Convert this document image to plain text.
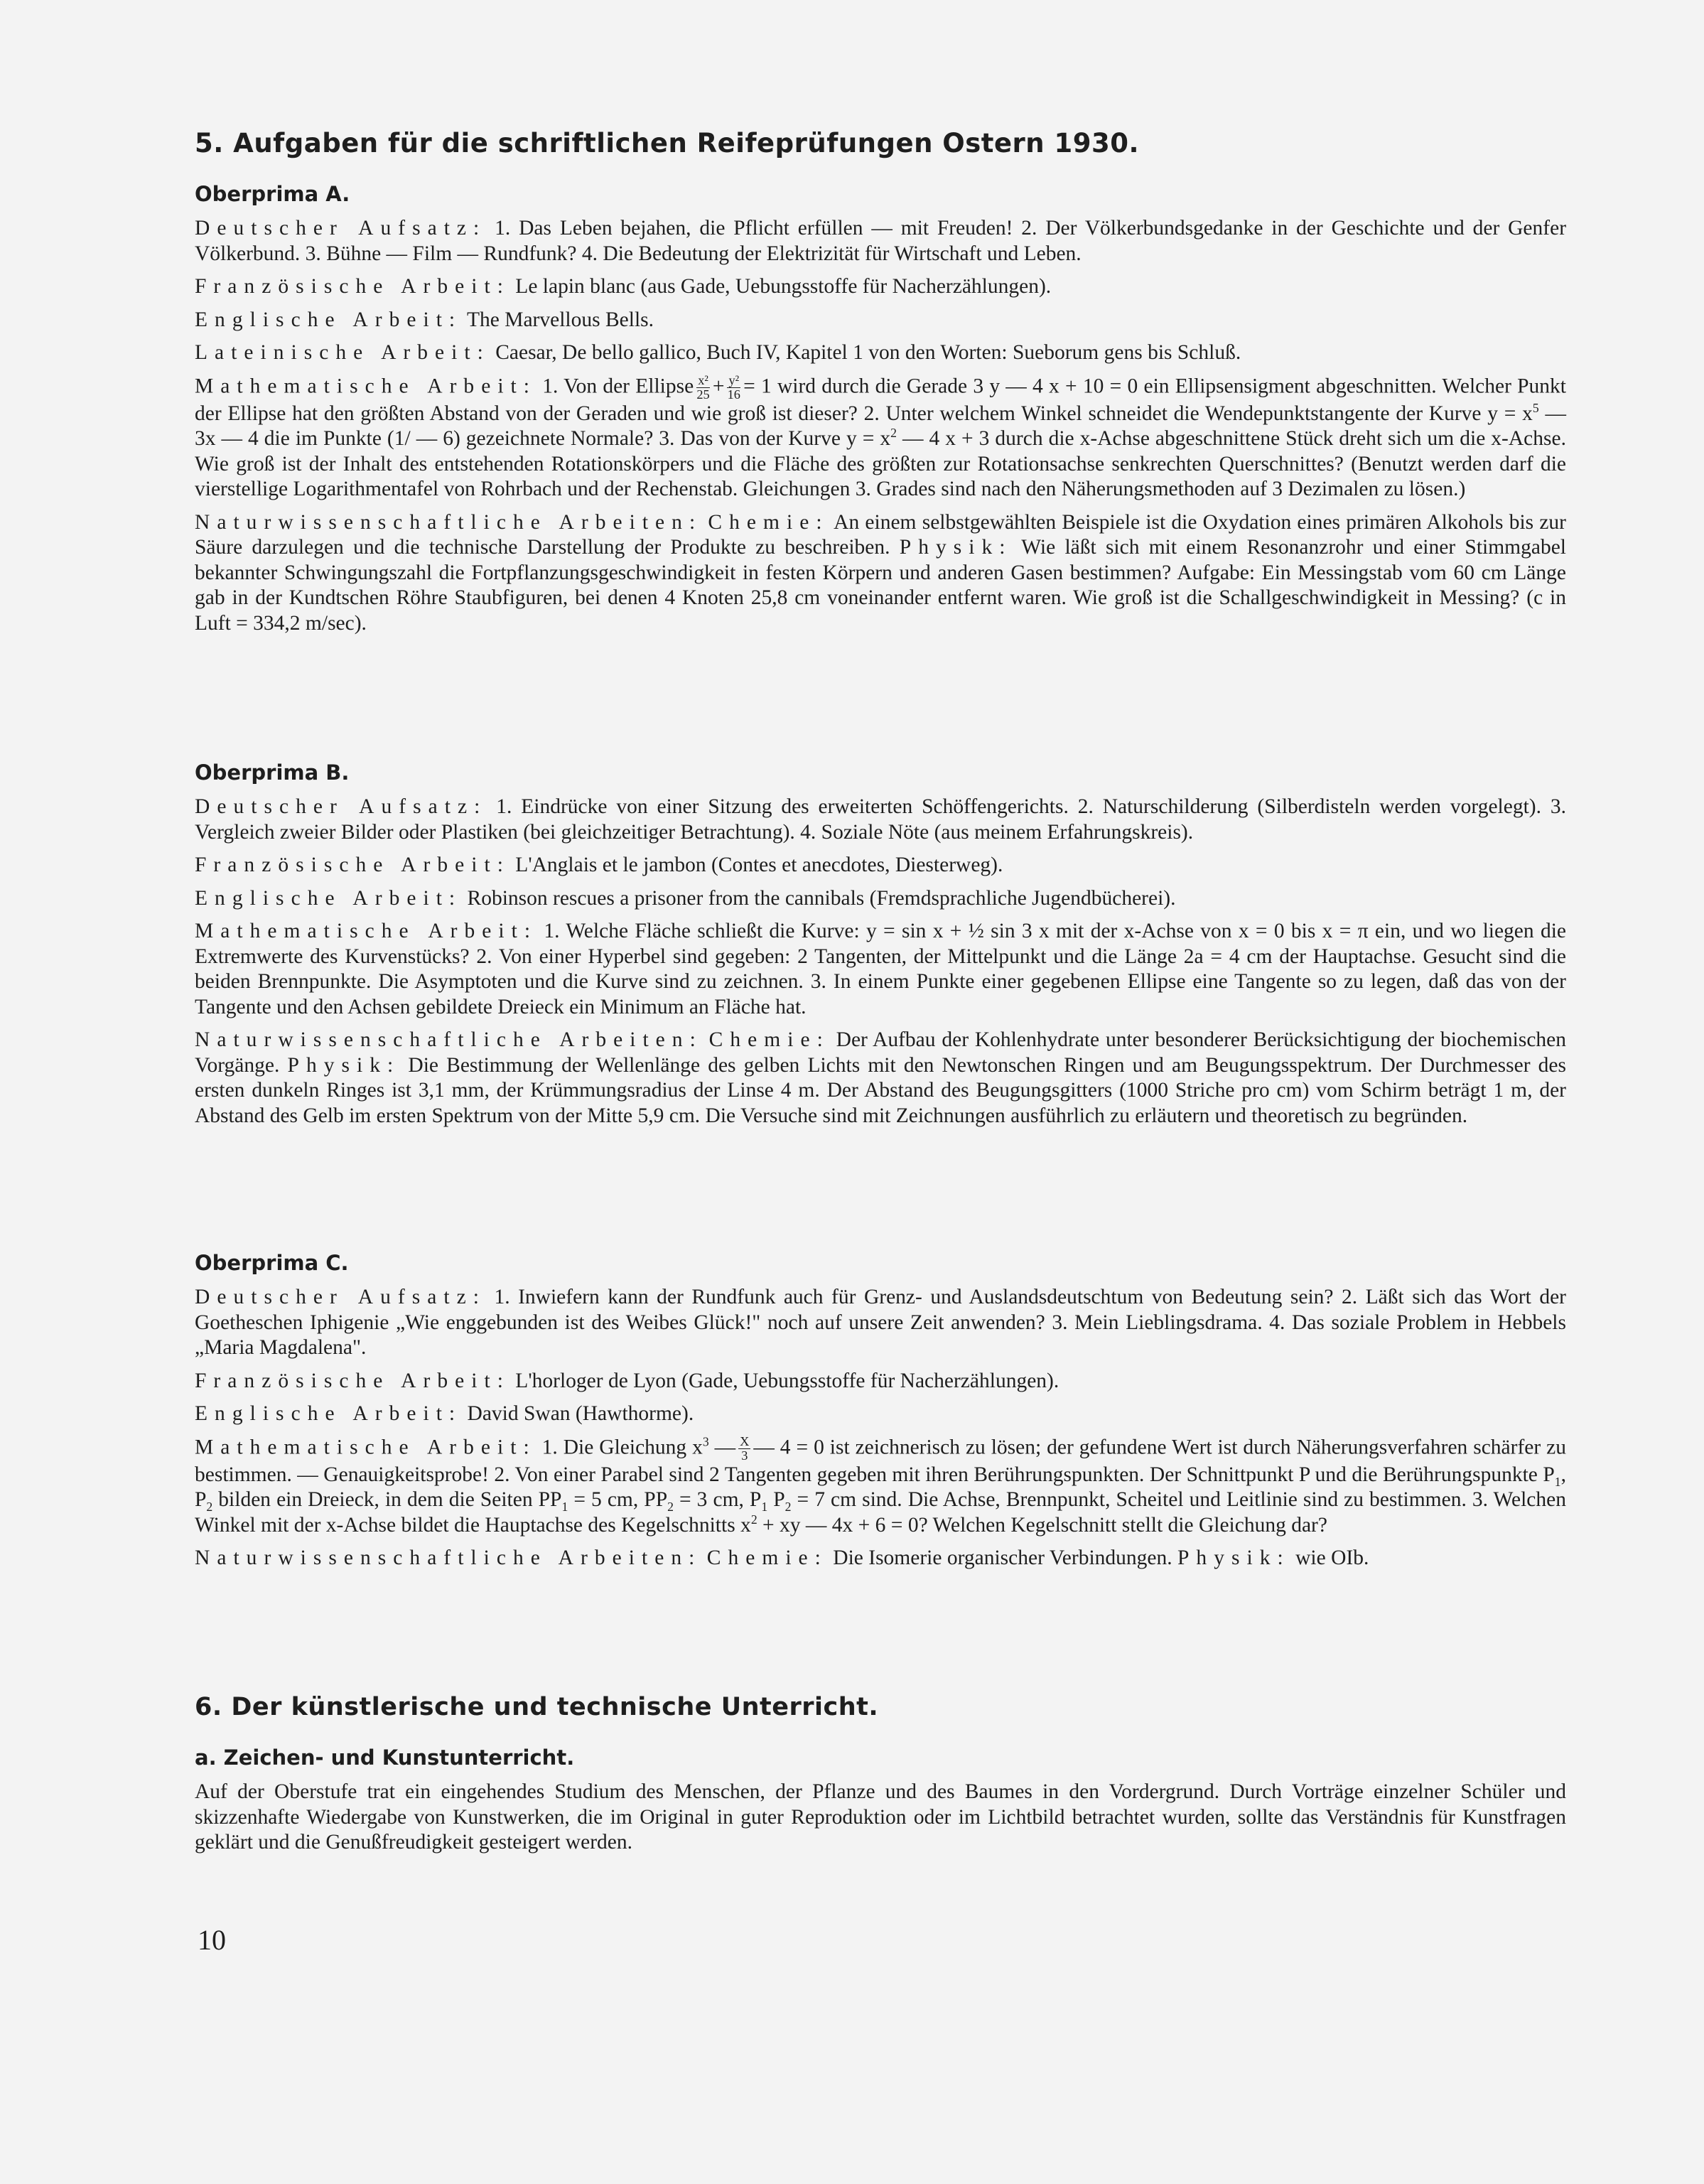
5. Aufgaben für die schriftlichen Reifeprüfungen Ostern 1930.
Oberprima A.

Deutscher Aufsatz: 1. Das Leben bejahen, die Pflicht erfüllen — mit Freuden! 2. Der Völkerbundsgedanke in der Geschichte und der Genfer Völkerbund. 3. Bühne — Film — Rundfunk? 4. Die Bedeutung der Elektrizität für Wirtschaft und Leben.

Französische Arbeit: Le lapin blanc (aus Gade, Uebungsstoffe für Nacherzählungen).

Englische Arbeit: The Marvellous Bells.

Lateinische Arbeit: Caesar, De bello gallico, Buch IV, Kapitel 1 von den Worten: Sueborum gens bis Schluß.

Mathematische Arbeit: 1. Von der Ellipse $\frac{\text{x²}}{25} + \frac{\text{y²}}{16} = 1$ wird durch die Gerade 3 y — 4 x + 10 = 0 ein Ellipsensigment abgeschnitten. Welcher Punkt der Ellipse hat den größten Abstand von der Geraden und wie groß ist dieser? 2. Unter welchem Winkel schneidet die Wendepunktstangente der Kurve $y = x^5$ — 3x — 4 die im Punkte (1/ — 6) gezeichnete Normale? 3. Das von der Kurve $y = x^2$ — 4 x + 3 durch die x-Achse abgeschnittene Stück dreht sich um die x-Achse. Wie groß ist der Inhalt des entstehenden Rotationskörpers und die Fläche des größten zur Rotationsachse senkrechten Querschnittes? (Benutzt werden darf die vierstellige Logarithmentafel von Rohrbach und der Rechenstab. Gleichungen 3. Grades sind nach den Näherungsmethoden auf 3 Dezimalen zu lösen.)

Naturwissenschaftliche Arbeiten: Chemie: An einem selbstgewählten Beispiele ist die Oxydation eines primären Alkohols bis zur Säure darzulegen und die technische Darstellung der Produkte zu beschreiben. Physik: Wie läßt sich mit einem Resonanzrohr und einer Stimmgabel bekannter Schwingungszahl die Fortpflanzungsgeschwindigkeit in festen Körpern und anderen Gasen bestimmen? Aufgabe: Ein Messingstab vom 60 cm Länge gab in der Kundtschen Röhre Staubfiguren, bei denen 4 Knoten 25,8 cm voneinander entfernt waren. Wie groß ist die Schallgeschwindigkeit in Messing? (c in Luft = 334,2 m/sec).

Oberprima B.

Deutscher Aufsatz: 1. Eindrücke von einer Sitzung des erweiterten Schöffengerichts. 2. Naturschilderung (Silberdisteln werden vorgelegt). 3. Vergleich zweier Bilder oder Plastiken (bei gleichzeitiger Betrachtung). 4. Soziale Nöte (aus meinem Erfahrungskreis).

Französische Arbeit: L'Anglais et le jambon (Contes et anecdotes, Diesterweg).

Englische Arbeit: Robinson rescues a prisoner from the cannibals (Fremdsprachliche Jugendbücherei).

Mathematische Arbeit: 1. Welche Fläche schließt die Kurve: y = sin x + ½ sin 3 x mit der x-Achse von x = 0 bis x = π ein, und wo liegen die Extremwerte des Kurvenstücks? 2. Von einer Hyperbel sind gegeben: 2 Tangenten, der Mittelpunkt und die Länge 2a = 4 cm der Hauptachse. Gesucht sind die beiden Brennpunkte. Die Asymptoten und die Kurve sind zu zeichnen. 3. In einem Punkte einer gegebenen Ellipse eine Tangente so zu legen, daß das von der Tangente und den Achsen gebildete Dreieck ein Minimum an Fläche hat.

Naturwissenschaftliche Arbeiten: Chemie: Der Aufbau der Kohlenhydrate unter besonderer Berücksichtigung der biochemischen Vorgänge. Physik: Die Bestimmung der Wellenlänge des gelben Lichts mit den Newtonschen Ringen und am Beugungsspektrum. Der Durchmesser des ersten dunkeln Ringes ist 3,1 mm, der Krümmungsradius der Linse 4 m. Der Abstand des Beugungsgitters (1000 Striche pro cm) vom Schirm beträgt 1 m, der Abstand des Gelb im ersten Spektrum von der Mitte 5,9 cm. Die Versuche sind mit Zeichnungen ausführlich zu erläutern und theoretisch zu begründen.

Oberprima C.

Deutscher Aufsatz: 1. Inwiefern kann der Rundfunk auch für Grenz- und Auslandsdeutschtum von Bedeutung sein? 2. Läßt sich das Wort der Goetheschen Iphigenie „Wie enggebunden ist des Weibes Glück!" noch auf unsere Zeit anwenden? 3. Mein Lieblingsdrama. 4. Das soziale Problem in Hebbels „Maria Magdalena".

Französische Arbeit: L'horloger de Lyon (Gade, Uebungsstoffe für Nacherzählungen).

Englische Arbeit: David Swan (Hawthorme).

Mathematische Arbeit: 1. Die Gleichung $x^3$ — $\frac{X}{3}$ — 4 = 0 ist zeichnerisch zu lösen; der gefundene Wert ist durch Näherungsverfahren schärfer zu bestimmen. — Genauigkeitsprobe! 2. Von einer Parabel sind 2 Tangenten gegeben mit ihren Berührungspunkten. Der Schnittpunkt P und die Berührungspunkte $P_1$, $P_2$ bilden ein Dreieck, in dem die Seiten $PP_1 = 5$ cm, $PP_2 = 3$ cm, $P_1$ $P_2 = 7$ cm sind. Die Achse, Brennpunkt, Scheitel und Leitlinie sind zu bestimmen. 3. Welchen Winkel mit der x-Achse bildet die Hauptachse des Kegelschnitts $x^2$ + xy — 4x + 6 = 0? Welchen Kegelschnitt stellt die Gleichung dar?

Naturwissenschaftliche Arbeiten: Chemie: Die Isomerie organischer Verbindungen. Physik: wie OIb.

6. Der künstlerische und technische Unterricht.
a. Zeichen- und Kunstunterricht.
Auf der Oberstufe trat ein eingehendes Studium des Menschen, der Pflanze und des Baumes in den Vordergrund. Durch Vorträge einzelner Schüler und skizzenhafte Wiedergabe von Kunstwerken, die im Original in guter Reproduktion oder im Lichtbild betrachtet wurden, sollte das Verständnis für Kunstfragen geklärt und die Genußfreudigkeit gesteigert werden.
10
